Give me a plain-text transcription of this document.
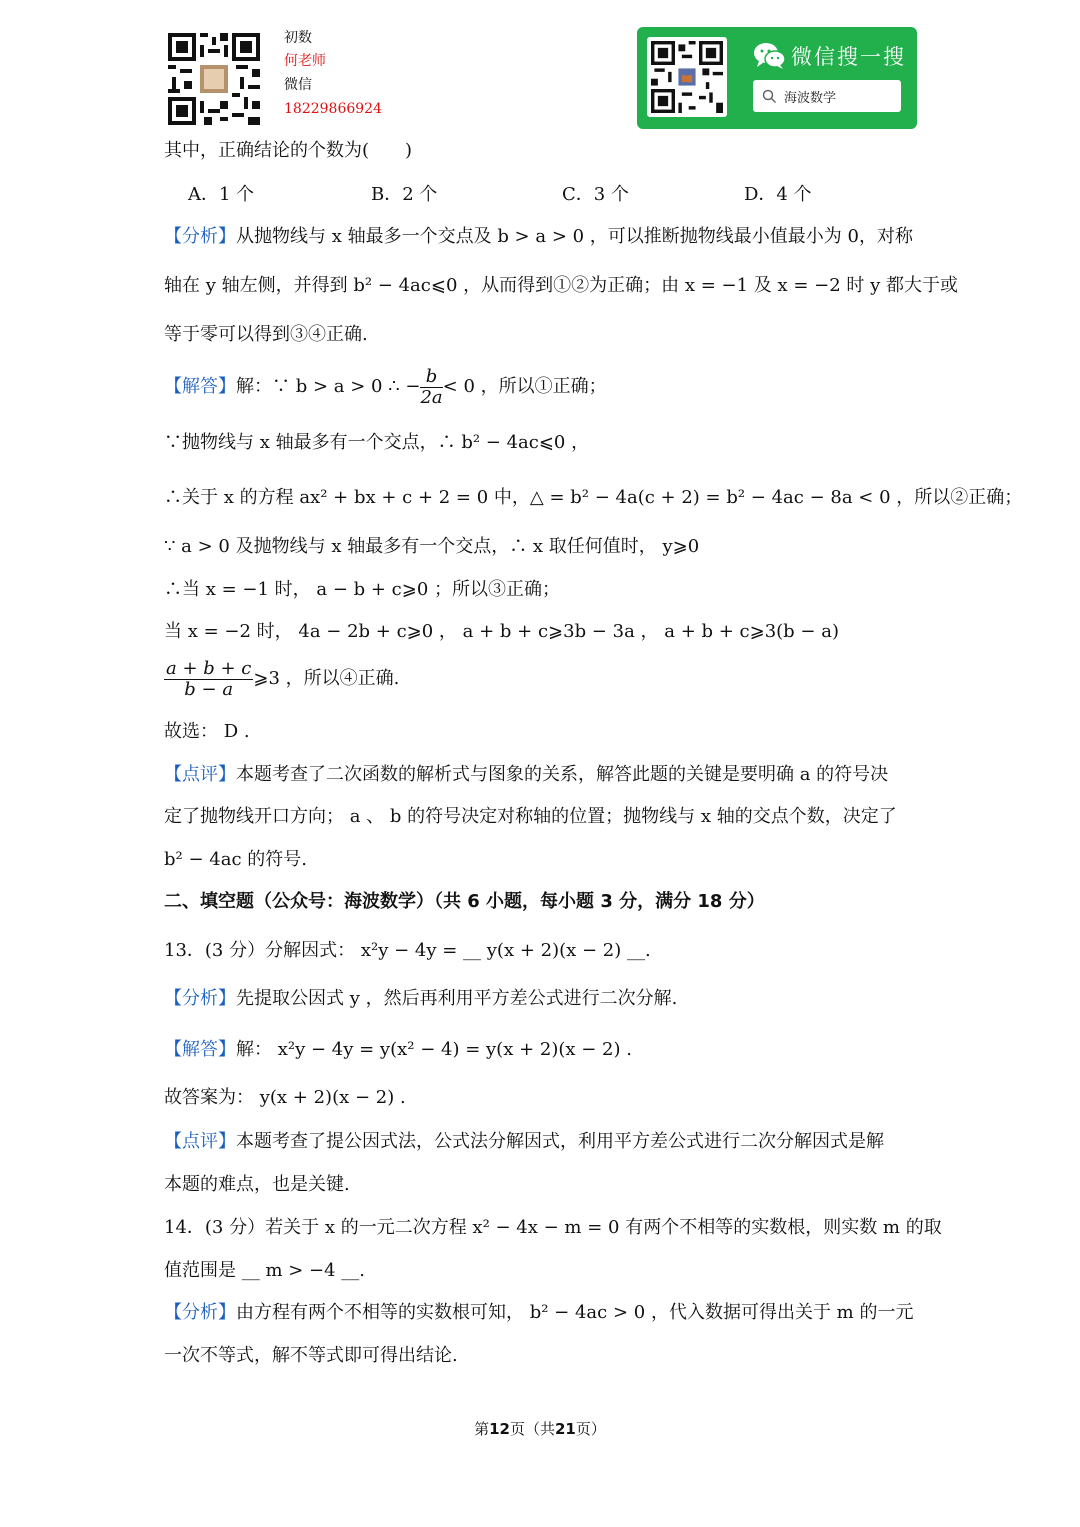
初数
何老师
微信
18229866924
微信搜一搜
海波数学
其中，正确结论的个数为(　　)
A．1 个	B．2 个	C．3 个	D．4 个
【分析】从抛物线与 x 轴最多一个交点及 b > a > 0 ，可以推断抛物线最小值最小为 0，对称
轴在 y 轴左侧，并得到 b² − 4ac⩽0 ，从而得到①②为正确；由 x = −1 及 x = −2 时 y 都大于或
等于零可以得到③④正确.
【解答】解：∵ b > a > 0 ∴ − $\frac{b}{2a} < 0$ ，所以①正确；
∵抛物线与 x 轴最多有一个交点，∴ b² − 4ac⩽0 ，
∴关于 x 的方程 ax² + bx + c + 2 = 0 中，△ = b² − 4a(c + 2) = b² − 4ac − 8a < 0 ，所以②正确；
∵ a > 0 及抛物线与 x 轴最多有一个交点，∴ x 取任何值时， y⩾0
∴当 x = −1 时， a − b + c⩾0 ；所以③正确；
当 x = −2 时， 4a − 2b + c⩾0 ， a + b + c⩾3b − 3a ， a + b + c⩾3(b − a)
$\frac{a + b + c}{b - a}$ ⩾3 ，所以④正确.
故选： D .
【点评】本题考查了二次函数的解析式与图象的关系，解答此题的关键是要明确 a 的符号决
定了抛物线开口方向； a 、 b 的符号决定对称轴的位置；抛物线与 x 轴的交点个数，决定了
b² − 4ac 的符号.
二、填空题（公众号：海波数学）（共 6 小题，每小题 3 分，满分 18 分）
13．(3 分）分解因式： x²y − 4y = __ y(x + 2)(x − 2) __.
【分析】先提取公因式 y ，然后再利用平方差公式进行二次分解.
【解答】解： x²y − 4y = y(x² − 4) = y(x + 2)(x − 2) .
故答案为： y(x + 2)(x − 2) .
【点评】本题考查了提公因式法，公式法分解因式，利用平方差公式进行二次分解因式是解
本题的难点，也是关键.
14．(3 分）若关于 x 的一元二次方程 x² − 4x − m = 0 有两个不相等的实数根，则实数 m 的取
值范围是 __ m > −4 __.
【分析】由方程有两个不相等的实数根可知， b² − 4ac > 0 ，代入数据可得出关于 m 的一元
一次不等式，解不等式即可得出结论.
第12页（共21页）
